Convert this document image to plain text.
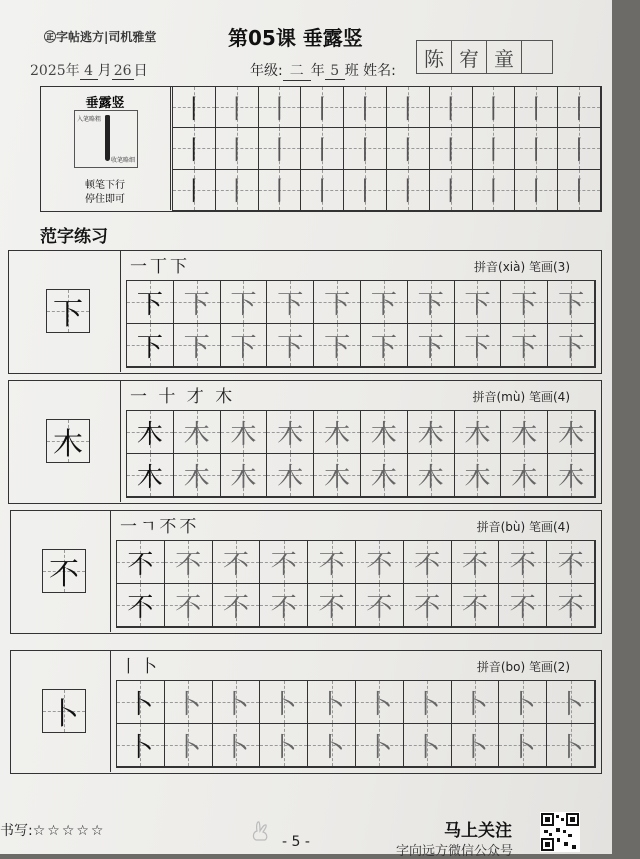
㊣字帖逃方|司机雅堂	第05课 垂露竖
2025年 4 月 26 日	年级: 二 年 5 班 姓名:
陈 宥 童
垂露竖
入笔略粗
收笔略细
顿笔下行
停住即可
丨 丨 丨 丨 丨 丨 丨 丨 丨 丨
丨 丨 丨 丨 丨 丨 丨 丨 丨 丨
丨 丨 丨 丨 丨 丨 丨 丨 丨 丨
范字练习
下
一丅下	拼音(xià) 笔画(3)
下 下 下 下 下 下 下 下 下 下
下 下 下 下 下 下 下 下 下 下
木
一 十 才 木	拼音(mù) 笔画(4)
木 木 木 木 木 木 木 木 木 木
木 木 木 木 木 木 木 木 木 木
不
一ㄱ不不	拼音(bù) 笔画(4)
不 不 不 不 不 不 不 不 不 不
不 不 不 不 不 不 不 不 不 不
卜
丨卜	拼音(bo) 笔画(2)
卜 卜 卜 卜 卜 卜 卜 卜 卜 卜
卜 卜 卜 卜 卜 卜 卜 卜 卜 卜
书写:☆☆☆☆☆
- 5 -
马上关注
字向远方微信公众号
